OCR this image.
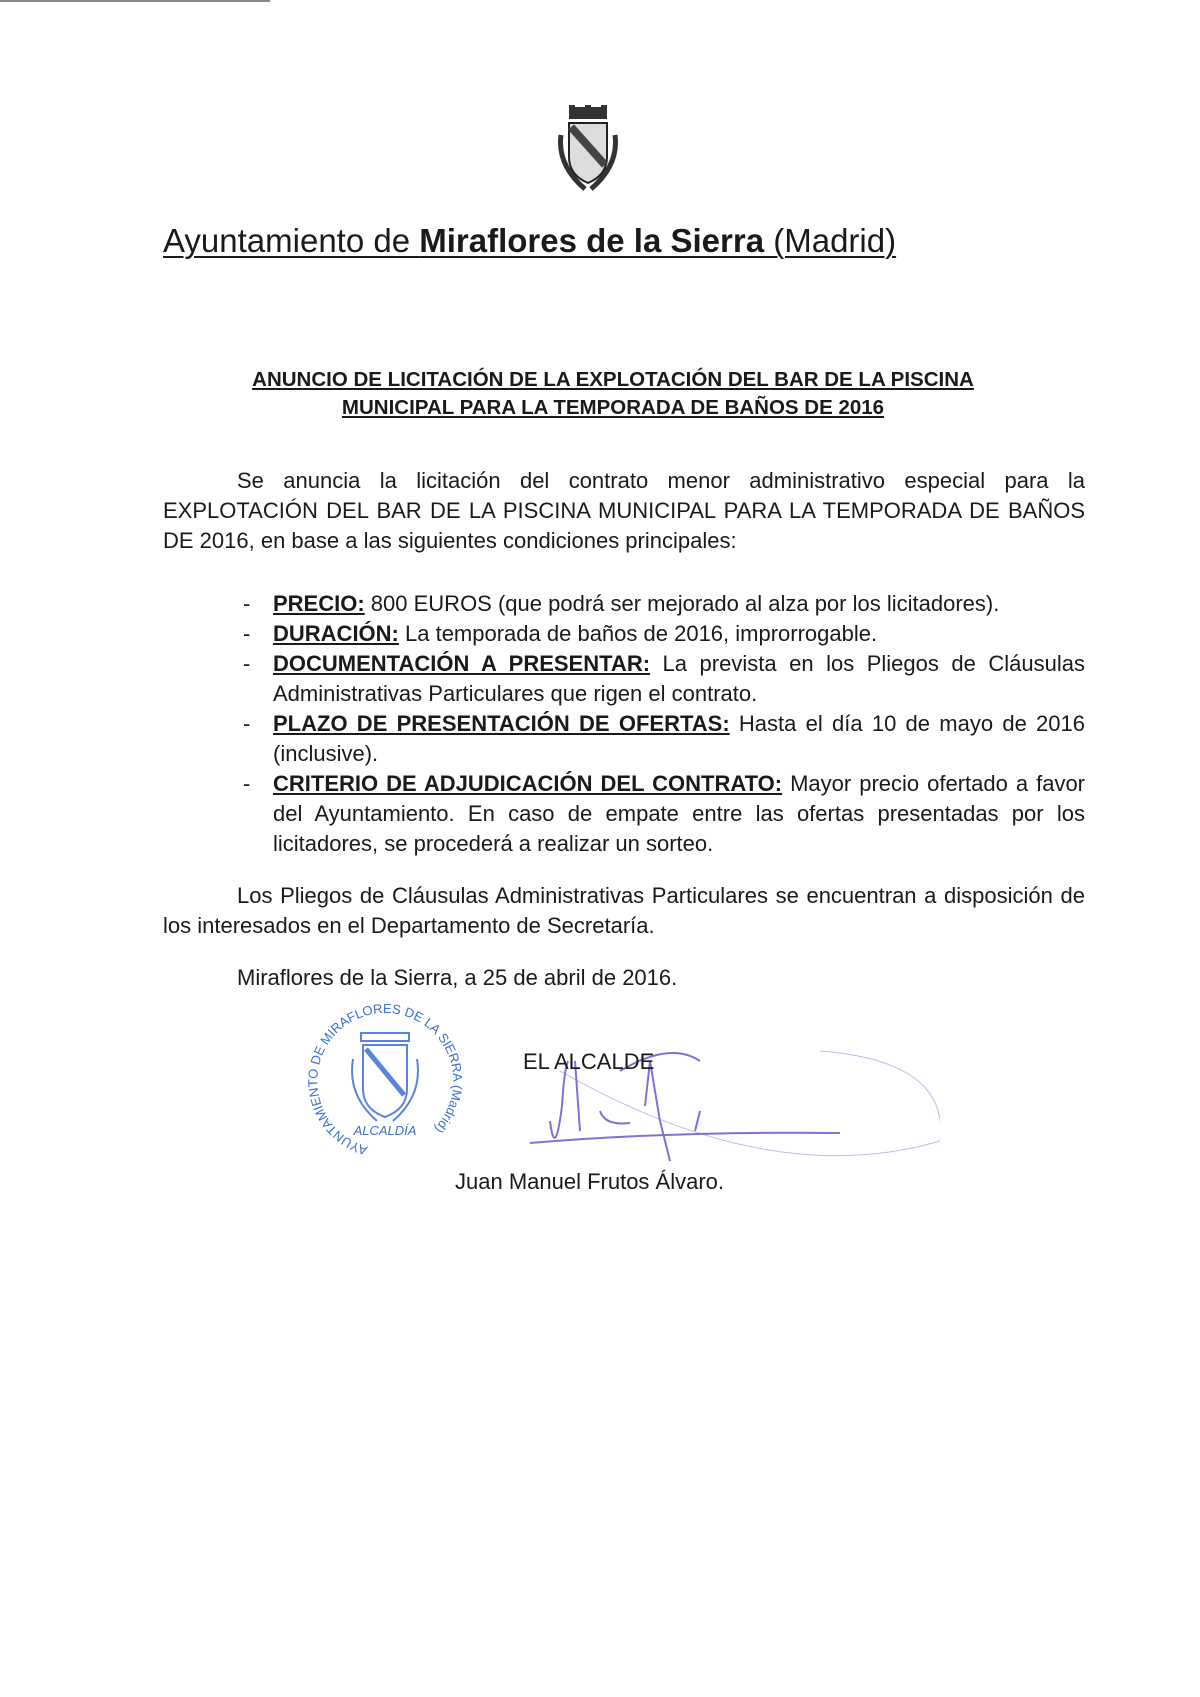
Ayuntamiento de Miraflores de la Sierra (Madrid)
ANUNCIO DE LICITACIÓN DE LA EXPLOTACIÓN DEL BAR DE LA PISCINA
MUNICIPAL PARA LA TEMPORADA DE BAÑOS DE 2016

Se anuncia la licitación del contrato menor administrativo especial para la EXPLOTACIÓN DEL BAR DE LA PISCINA MUNICIPAL PARA LA TEMPORADA DE BAÑOS DE 2016, en base a las siguientes condiciones principales:

- PRECIO: 800 EUROS (que podrá ser mejorado al alza por los licitadores).
- DURACIÓN: La temporada de baños de 2016, improrrogable.
- DOCUMENTACIÓN A PRESENTAR: La prevista en los Pliegos de Cláusulas Administrativas Particulares que rigen el contrato.
- PLAZO DE PRESENTACIÓN DE OFERTAS: Hasta el día 10 de mayo de 2016 (inclusive).
- CRITERIO DE ADJUDICACIÓN DEL CONTRATO: Mayor precio ofertado a favor del Ayuntamiento. En caso de empate entre las ofertas presentadas por los licitadores, se procederá a realizar un sorteo.

Los Pliegos de Cláusulas Administrativas Particulares se encuentran a disposición de los interesados en el Departamento de Secretaría.

Miraflores de la Sierra, a 25 de abril de 2016.

AYUNTAMIENTO DE MIRAFLORES DE LA SIERRA (Madrid)
ALCALDÍA
EL ALCALDE
Juan Manuel Frutos Álvaro.
